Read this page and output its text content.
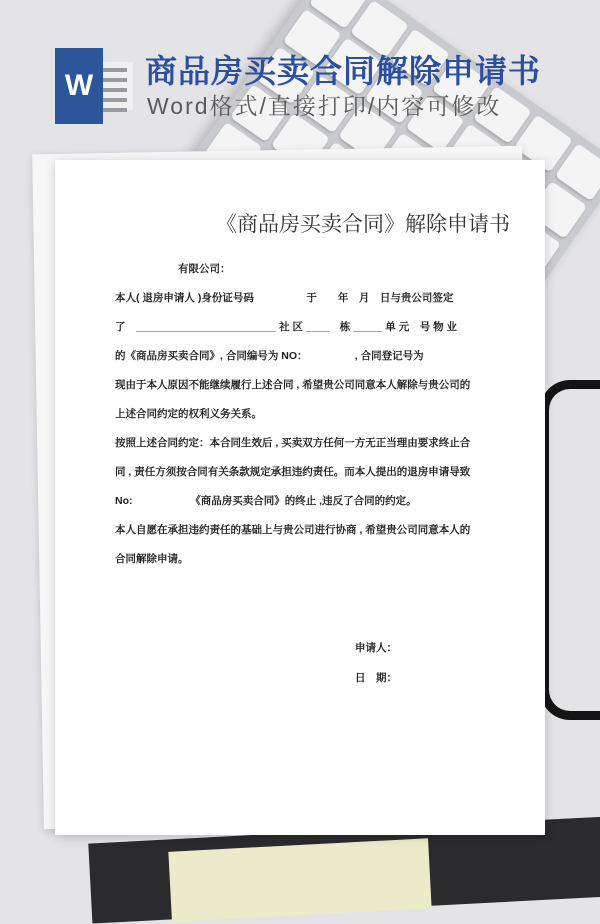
W 商品房买卖合同解除申请书
Word格式/直接打印/内容可修改
《商品房买卖合同》解除申请书
　　　　　　有限公司：
本人( 退房申请人 )身份证号码　　　　　于　　年　月　日与贵公司签定
了　________________________ 社 区 ____　栋 _____ 单 元　号 物 业
的《商品房买卖合同》, 合同编号为 NO：　　　　　, 合同登记号为
现由于本人原因不能继续履行上述合同 , 希望贵公司同意本人解除与贵公司的
上述合同约定的权利义务关系。
按照上述合同约定：本合同生效后 , 买卖双方任何一方无正当理由要求终止合
同 , 责任方须按合同有关条款规定承担违约责任。而本人提出的退房申请导致
No:　　　　　　《商品房买卖合同》的终止 ,违反了合同的约定。
本人自愿在承担违约责任的基础上与贵公司进行协商 , 希望贵公司同意本人的
合同解除申请。
申请人：
日　期：
